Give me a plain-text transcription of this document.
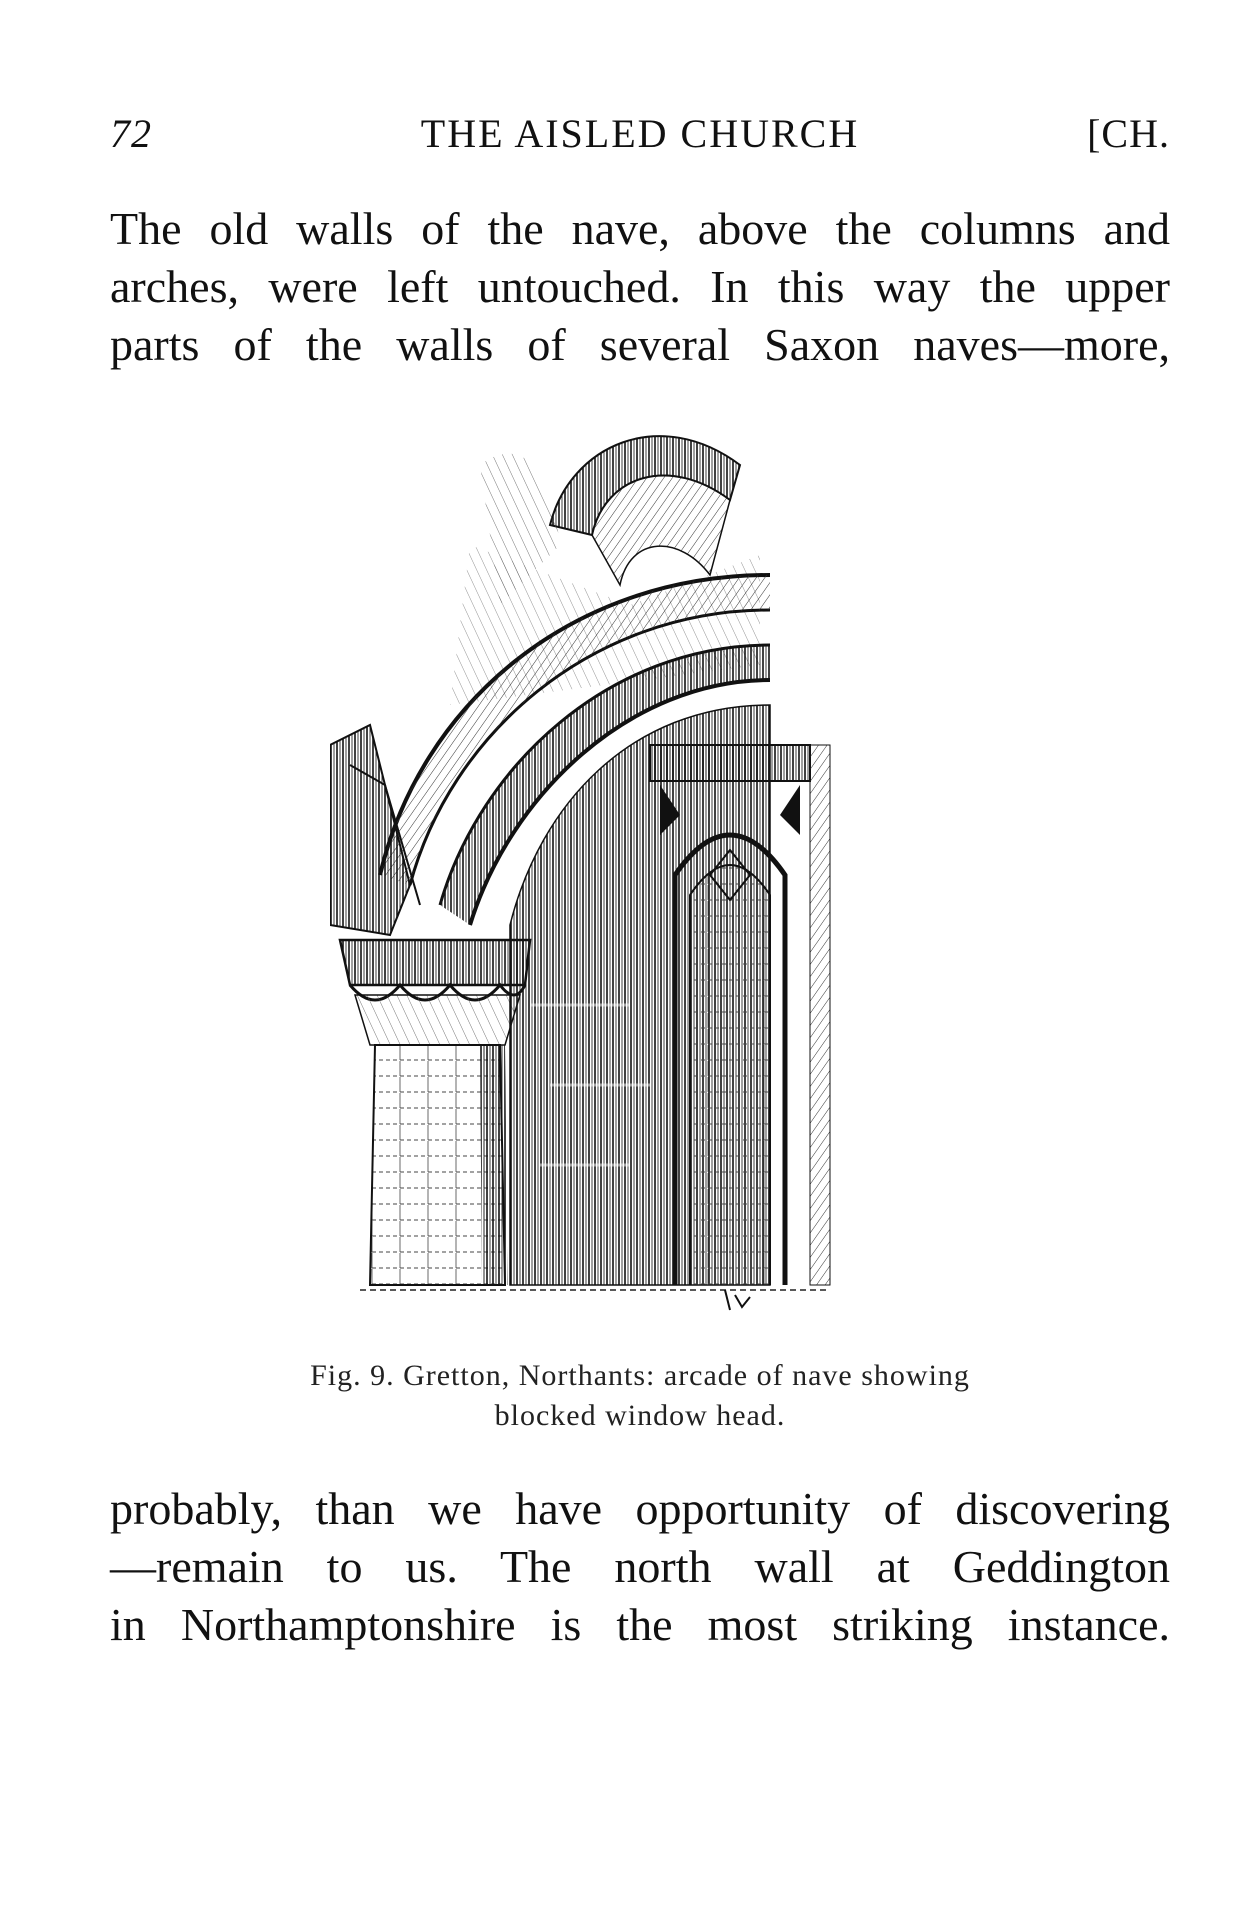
72	THE AISLED CHURCH	[CH.
The old walls of the nave, above the columns and
arches, were left untouched. In this way the upper
parts of the walls of several Saxon naves—more,
Fig. 9. Gretton, Northants: arcade of nave showing
blocked window head.
probably, than we have opportunity of discovering
—remain to us. The north wall at Geddington
in Northamptonshire is the most striking instance.
